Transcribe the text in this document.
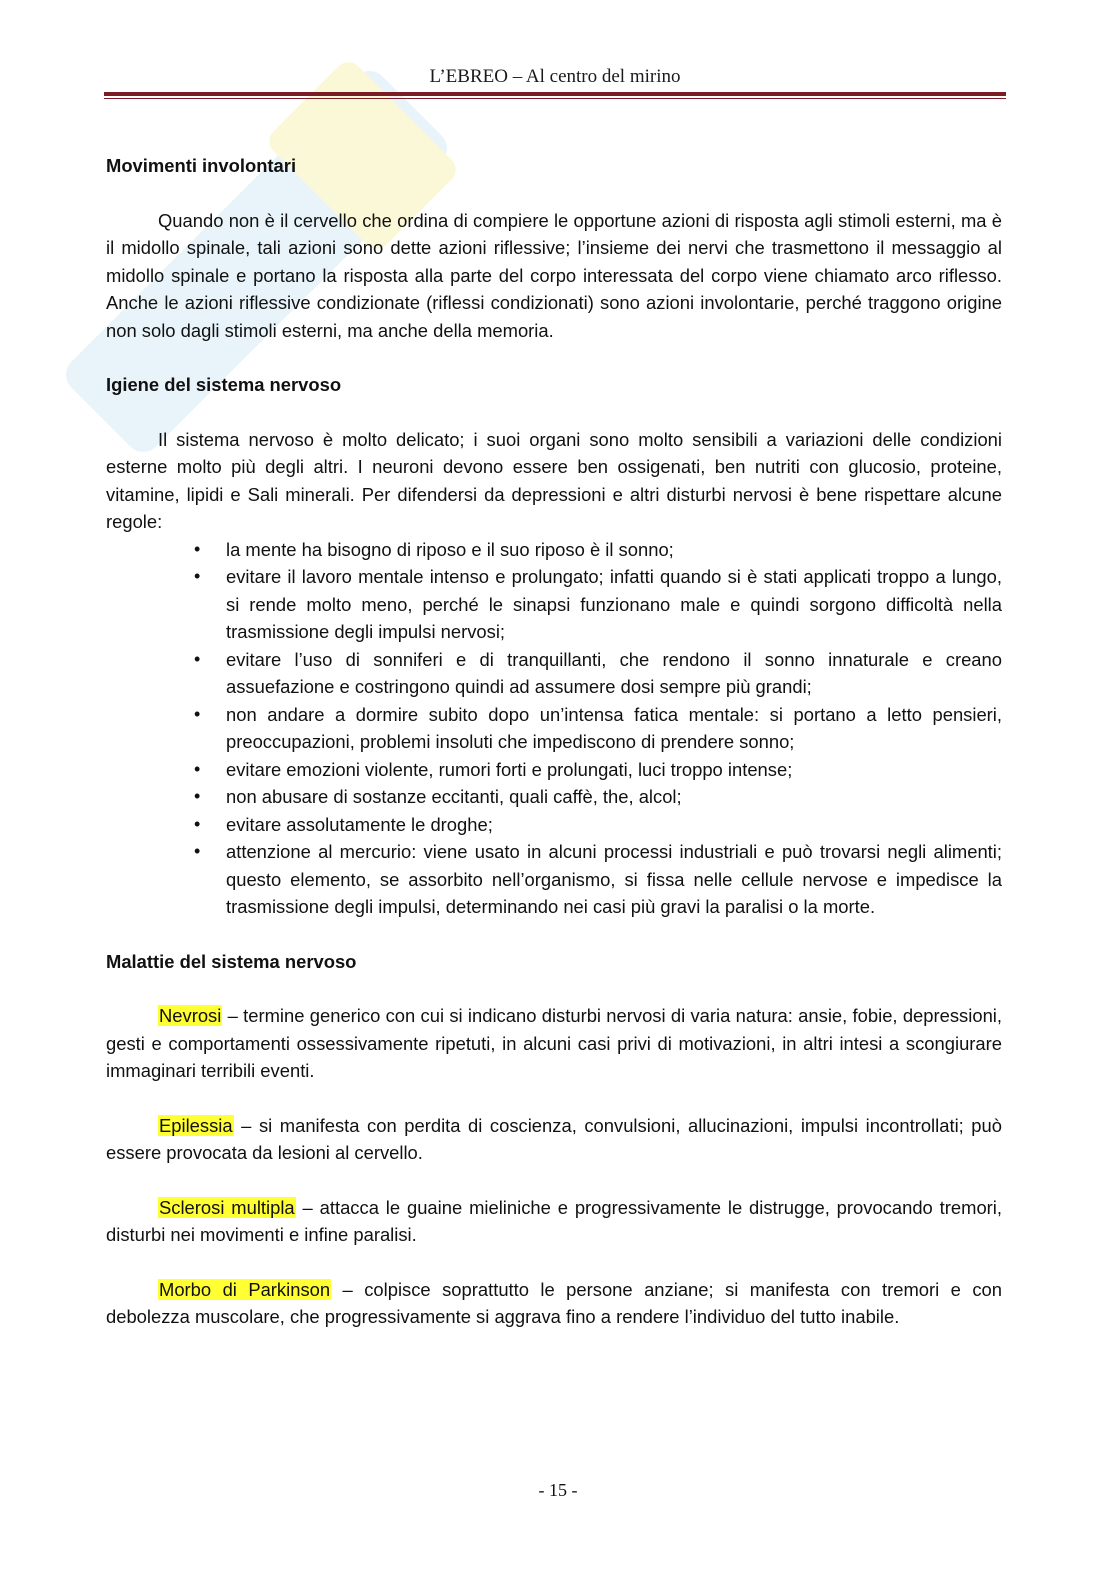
L’EBREO – Al centro del mirino
Movimenti involontari

Quando non è il cervello che ordina di compiere le opportune azioni di risposta agli stimoli esterni, ma è il midollo spinale, tali azioni sono dette azioni riflessive; l’insieme dei nervi che trasmettono il messaggio al midollo spinale e portano la risposta alla parte del corpo interessata del corpo viene chiamato arco riflesso. Anche le azioni riflessive condizionate (riflessi condizionati) sono azioni involontarie, perché traggono origine non solo dagli stimoli esterni, ma anche della memoria.

Igiene del sistema nervoso

Il sistema nervoso è molto delicato; i suoi organi sono molto sensibili a variazioni delle condizioni esterne molto più degli altri. I neuroni devono essere ben ossigenati, ben nutriti con glucosio, proteine, vitamine, lipidi e Sali minerali. Per difendersi da depressioni e altri disturbi nervosi è bene rispettare alcune regole:

• la mente ha bisogno di riposo e il suo riposo è il sonno;
• evitare il lavoro mentale intenso e prolungato; infatti quando si è stati applicati troppo a lungo, si rende molto meno, perché le sinapsi funzionano male e quindi sorgono difficoltà nella trasmissione degli impulsi nervosi;
• evitare l’uso di sonniferi e di tranquillanti, che rendono il sonno innaturale e creano assuefazione e costringono quindi ad assumere dosi sempre più grandi;
• non andare a dormire subito dopo un’intensa fatica mentale: si portano a letto pensieri, preoccupazioni, problemi insoluti che impediscono di prendere sonno;
• evitare emozioni violente, rumori forti e prolungati, luci troppo intense;
• non abusare di sostanze eccitanti, quali caffè, the, alcol;
• evitare assolutamente le droghe;
• attenzione al mercurio: viene usato in alcuni processi industriali e può trovarsi negli alimenti; questo elemento, se assorbito nell’organismo, si fissa nelle cellule nervose e impedisce la trasmissione degli impulsi, determinando nei casi più gravi la paralisi o la morte.
Malattie del sistema nervoso

Nevrosi – termine generico con cui si indicano disturbi nervosi di varia natura: ansie, fobie, depressioni, gesti e comportamenti ossessivamente ripetuti, in alcuni casi privi di motivazioni, in altri intesi a scongiurare immaginari terribili eventi.

Epilessia – si manifesta con perdita di coscienza, convulsioni, allucinazioni, impulsi incontrollati; può essere provocata da lesioni al cervello.

Sclerosi multipla – attacca le guaine mieliniche e progressivamente le distrugge, provocando tremori, disturbi nei movimenti e infine paralisi.

Morbo di Parkinson – colpisce soprattutto le persone anziane; si manifesta con tremori e con debolezza muscolare, che progressivamente si aggrava fino a rendere l’individuo del tutto inabile.

- 15 -
